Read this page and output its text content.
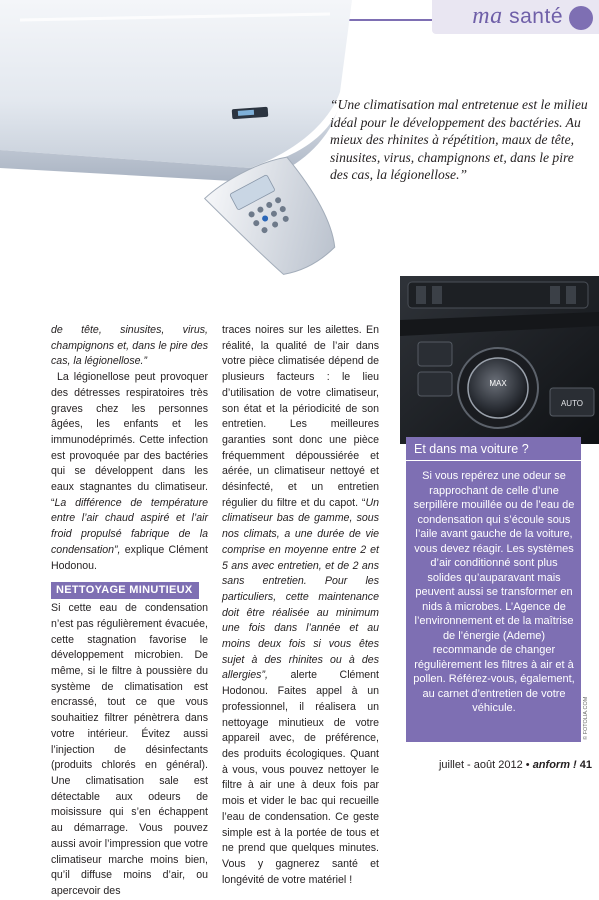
ma santé
“Une climatisation mal entretenue est le milieu idéal pour le développement des bactéries. Au mieux des rhinites à répétition, maux de tête, sinusites, virus, champignons et, dans le pire des cas, la légionellose.”
MAX
AUTO

de tête, sinusites, virus, champignons et, dans le pire des cas, la légionellose.”

La légionellose peut provoquer des détresses respiratoires très graves chez les personnes âgées, les enfants et les immunodéprimés. Cette infection est provoquée par des bactéries qui se développent dans les eaux stagnantes du climatiseur. “La différence de température entre l’air chaud aspiré et l’air froid propulsé fabrique de la condensation”, explique Clément Hodonou.

NETTOYAGE MINUTIEUX

Si cette eau de condensation n’est pas régulièrement évacuée, cette stagnation favorise le développement microbien. De même, si le filtre à poussière du système de climatisation est encrassé, tout ce que vous souhaitiez filtrer pénètrera dans votre intérieur. Évitez aussi l’injection de désinfectants (produits chlorés en général). Une climatisation sale est détectable aux odeurs de moisissure qui s’en échappent au démarrage. Vous pouvez aussi avoir l’impression que votre climatiseur marche moins bien, qu’il diffuse moins d’air, ou apercevoir des

traces noires sur les ailettes. En réalité, la qualité de l’air dans votre pièce climatisée dépend de plusieurs facteurs : le lieu d’utilisation de votre climatiseur, son état et la périodicité de son entretien. Les meilleures garanties sont donc une pièce fréquemment dépoussiérée et aérée, un climatiseur nettoyé et désinfecté, et un entretien régulier du filtre et du capot. “Un climatiseur bas de gamme, sous nos climats, a une durée de vie comprise en moyenne entre 2 et 5 ans avec entretien, et de 2 ans sans entretien. Pour les particuliers, cette maintenance doit être réalisée au minimum une fois dans l’année et au moins deux fois si vous êtes sujet à des rhinites ou à des allergies”, alerte Clément Hodonou. Faites appel à un professionnel, il réalisera un nettoyage minutieux de votre appareil avec, de préférence, des produits écologiques. Quant à vous, vous pouvez nettoyer le filtre à air une à deux fois par mois et vider le bac qui recueille l’eau de condensation. Ce geste simple est à la portée de tous et ne prend que quelques minutes. Vous y gagnerez santé et longévité de votre matériel !

Et dans ma voiture ?
Si vous repérez une odeur se rapprochant de celle d’une serpillère mouillée ou de l’eau de condensation qui s’écoule sous l’aile avant gauche de la voiture, vous devez réagir. Les systèmes d’air conditionné sont plus solides qu’auparavant mais peuvent aussi se transformer en nids à microbes. L’Agence de l’environnement et de la maîtrise de l’énergie (Ademe) recommande de changer régulièrement les filtres à air et à pollen. Référez-vous, également, au carnet d’entretien de votre véhicule.	© FOTOLIA.COM
juillet - août 2012 • anform ! 41
